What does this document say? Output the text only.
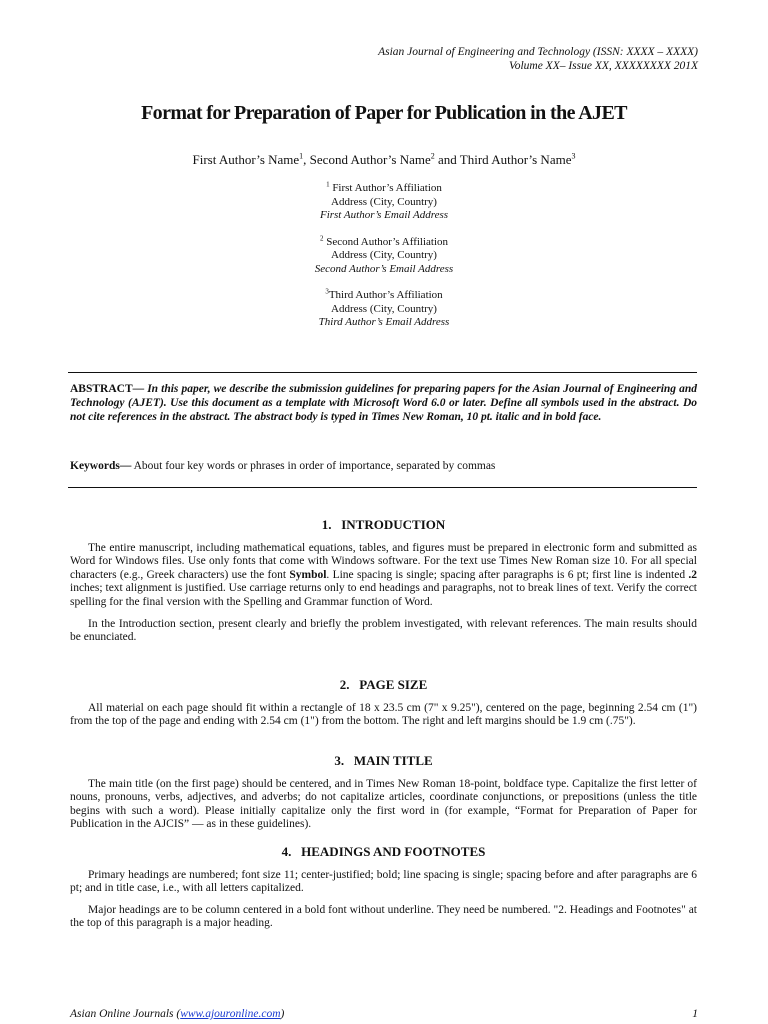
Asian Journal of Engineering and Technology (ISSN: XXXX – XXXX)
Volume XX– Issue XX, XXXXXXXX 201X
Format for Preparation of Paper for Publication in the AJET
First Author’s Name$^1$, Second Author’s Name$^2$ and Third Author’s Name$^3$
$^1$ First Author’s Affiliation
Address (City, Country)
First Author’s Email Address
$^2$ Second Author’s Affiliation
Address (City, Country)
Second Author’s Email Address
$^3$Third Author’s Affiliation
Address (City, Country)
Third Author’s Email Address
ABSTRACT— In this paper, we describe the submission guidelines for preparing papers for the Asian Journal of Engineering and Technology (AJET). Use this document as a template with Microsoft Word 6.0 or later. Define all symbols used in the abstract. Do not cite references in the abstract. The abstract body is typed in Times New Roman, 10 pt. italic and in bold face.
Keywords— About four key words or phrases in order of importance, separated by commas
1.   INTRODUCTION

The entire manuscript, including mathematical equations, tables, and figures must be prepared in electronic form and submitted as Word for Windows files. Use only fonts that come with Windows software. For the text use Times New Roman size 10. For all special characters (e.g., Greek characters) use the font Symbol. Line spacing is single; spacing after paragraphs is 6 pt; first line is indented .2 inches; text alignment is justified. Use carriage returns only to end headings and paragraphs, not to break lines of text. Verify the correct spelling for the final version with the Spelling and Grammar function of Word.

In the Introduction section, present clearly and briefly the problem investigated, with relevant references. The main results should be enunciated.

2.   PAGE SIZE

All material on each page should fit within a rectangle of 18 x 23.5 cm (7" x 9.25"), centered on the page, beginning 2.54 cm (1") from the top of the page and ending with 2.54 cm (1") from the bottom. The right and left margins should be 1.9 cm (.75").

3.   MAIN TITLE

The main title (on the first page) should be centered, and in Times New Roman 18-point, boldface type. Capitalize the first letter of nouns, pronouns, verbs, adjectives, and adverbs; do not capitalize articles, coordinate conjunctions, or prepositions (unless the title begins with such a word). Please initially capitalize only the first word in (for example, “Format for Preparation of Paper for Publication in the AJCIS” — as in these guidelines).

4.   HEADINGS AND FOOTNOTES

Primary headings are numbered; font size 11; center-justified; bold; line spacing is single; spacing before and after paragraphs are 6 pt; and in title case, i.e., with all letters capitalized.

Major headings are to be column centered in a bold font without underline. They need be numbered. "2. Headings and Footnotes" at the top of this paragraph is a major heading.

Asian Online Journals (www.ajouronline.com)	1
